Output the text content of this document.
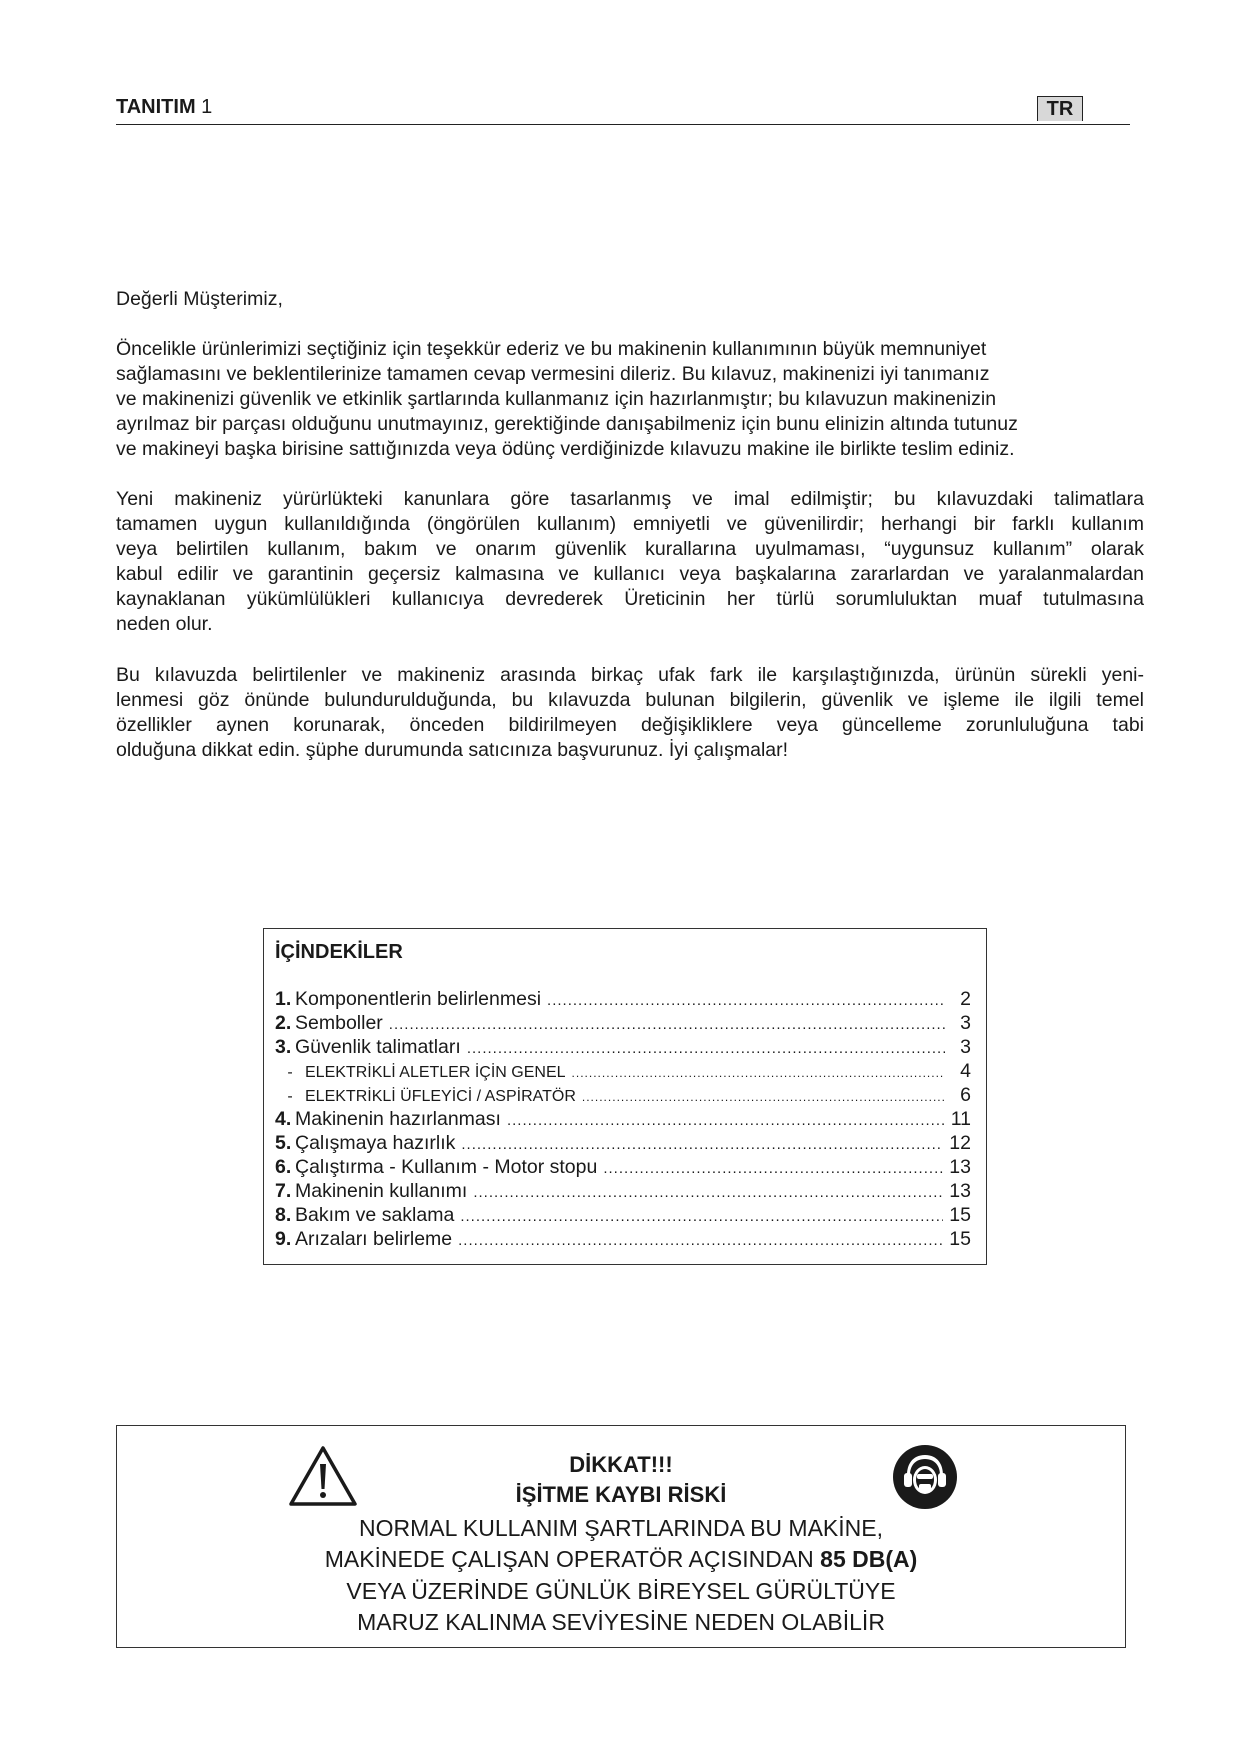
TANITIM 1	TR
Değerli Müşterimiz,
Öncelikle ürünlerimizi seçtiğiniz için teşekkür ederiz ve bu makinenin kullanımının büyük memnuniyet
sağlamasını ve beklentilerinize tamamen cevap vermesini dileriz. Bu kılavuz, makinenizi iyi tanımanız
ve makinenizi güvenlik ve etkinlik şartlarında kullanmanız için hazırlanmıştır; bu kılavuzun makinenizin
ayrılmaz bir parçası olduğunu unutmayınız, gerektiğinde danışabilmeniz için bunu elinizin altında tutunuz
ve makineyi başka birisine sattığınızda veya ödünç verdiğinizde kılavuzu makine ile birlikte teslim ediniz.
Yeni makineniz yürürlükteki kanunlara göre tasarlanmış ve imal edilmiştir; bu kılavuzdaki talimatlara
tamamen uygun kullanıldığında (öngörülen kullanım) emniyetli ve güvenilirdir; herhangi bir farklı kullanım
veya belirtilen kullanım, bakım ve onarım güvenlik kurallarına uyulmaması, “uygunsuz kullanım” olarak
kabul edilir ve garantinin geçersiz kalmasına ve kullanıcı veya başkalarına zararlardan ve yaralanmalardan
kaynaklanan yükümlülükleri kullanıcıya devrederek Üreticinin her türlü sorumluluktan muaf tutulmasına
neden olur.
Bu kılavuzda belirtilenler ve makineniz arasında birkaç ufak fark ile karşılaştığınızda, ürünün sürekli yeni-
lenmesi göz önünde bulundurulduğunda, bu kılavuzda bulunan bilgilerin, güvenlik ve işleme ile ilgili temel
özellikler aynen korunarak, önceden bildirilmeyen değişikliklere veya güncelleme zorunluluğuna tabi
olduğuna dikkat edin. şüphe durumunda satıcınıza başvurunuz. İyi çalışmalar!
İÇİNDEKİLER
1. Komponentlerin belirlenmesi .....	2
2. Semboller .....	3
3. Güvenlik talimatları .....	3
- ELEKTRİKLİ ALETLER İÇİN GENEL .....	4
- ELEKTRİKLİ ÜFLEYİCİ / ASPİRATÖR .....	6
4. Makinenin hazırlanması .....	11
5. Çalışmaya hazırlık .....	12
6. Çalıştırma - Kullanım - Motor stopu .....	13
7. Makinenin kullanımı .....	13
8. Bakım ve saklama .....	15
9. Arızaları belirleme .....	15
DİKKAT!!!
İŞİTME KAYBI RİSKİ
NORMAL KULLANIM ŞARTLARINDA BU MAKİNE,
MAKİNEDE ÇALIŞAN OPERATÖR AÇISINDAN 85 DB(A)
VEYA ÜZERİNDE GÜNLÜK BİREYSEL GÜRÜLTÜYE
MARUZ KALINMA SEVİYESİNE NEDEN OLABİLİR
